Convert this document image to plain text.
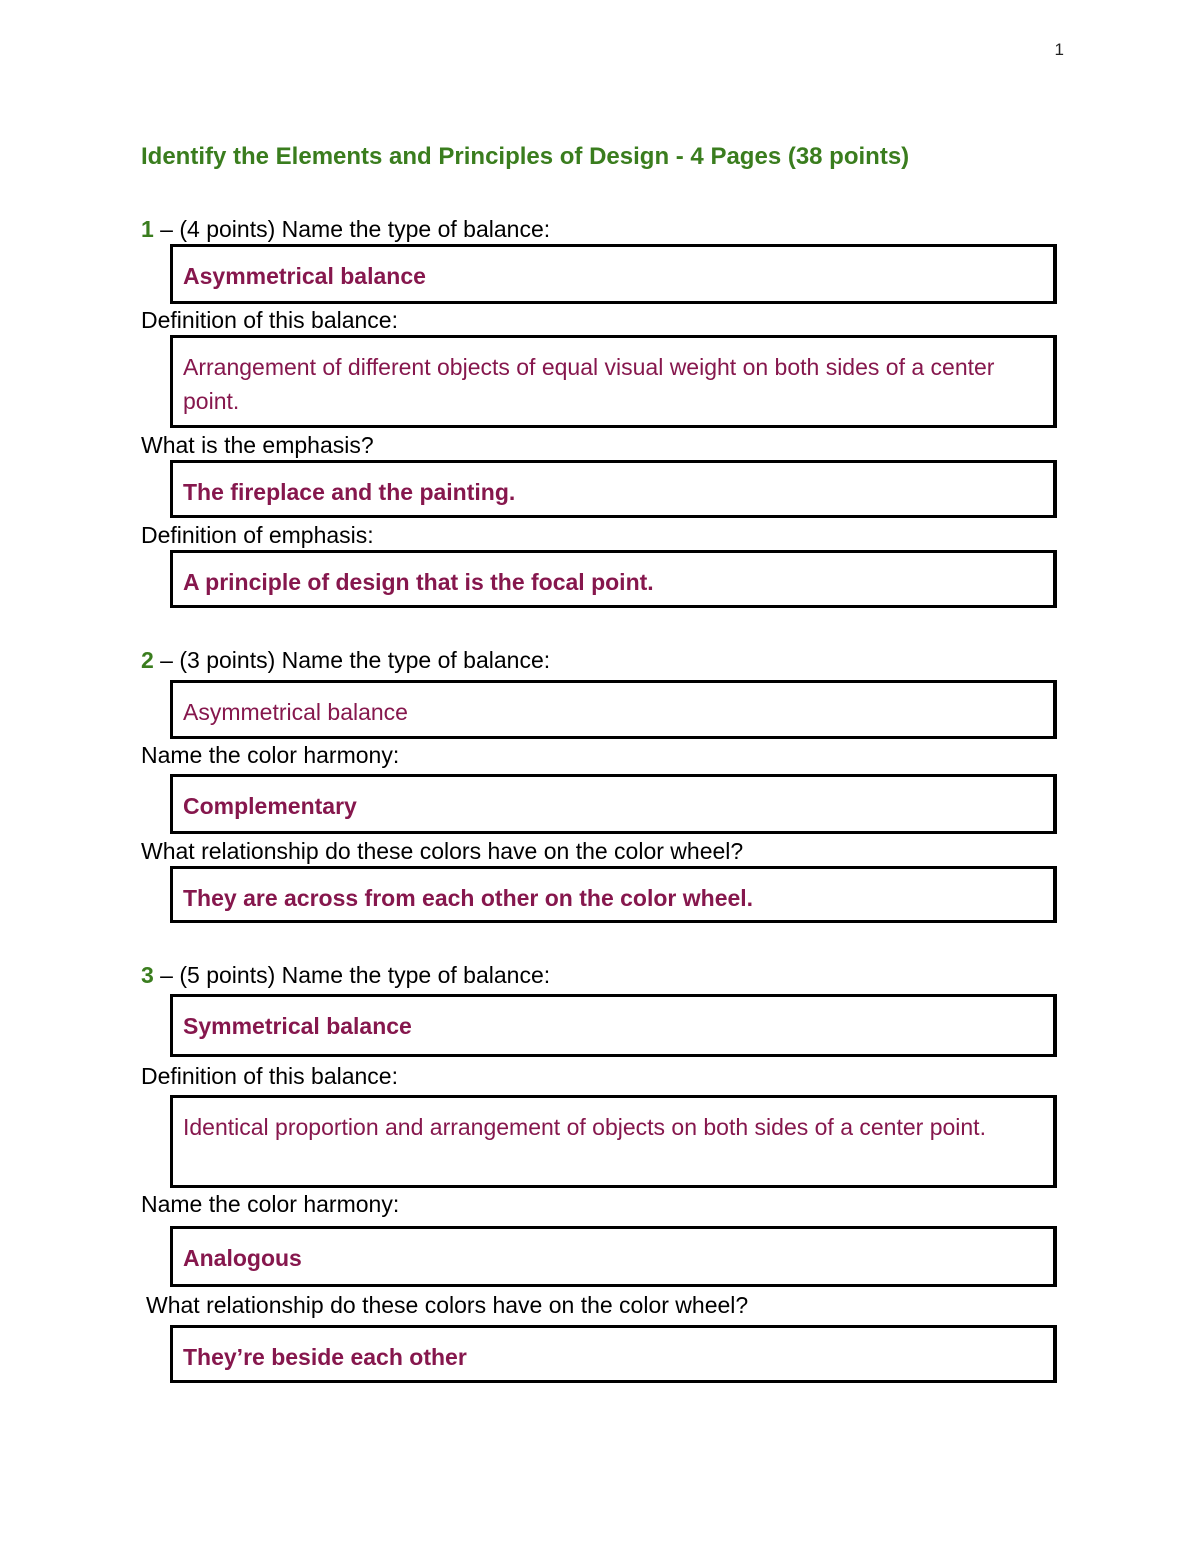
1
Identify the Elements and Principles of Design - 4 Pages (38 points)
1 – (4 points) Name the type of balance:
Asymmetrical balance
Definition of this balance:
Arrangement of different objects of equal visual weight on both sides of a center point.
What is the emphasis?
The fireplace and the painting.
Definition of emphasis:
A principle of design that is the focal point.
2 – (3 points) Name the type of balance:
Asymmetrical balance
Name the color harmony:
Complementary
What relationship do these colors have on the color wheel?
They are across from each other on the color wheel.
3 – (5 points) Name the type of balance:
Symmetrical balance
Definition of this balance:
Identical proportion and arrangement of objects on both sides of a center point.
Name the color harmony:
Analogous
What relationship do these colors have on the color wheel?
They’re beside each other
